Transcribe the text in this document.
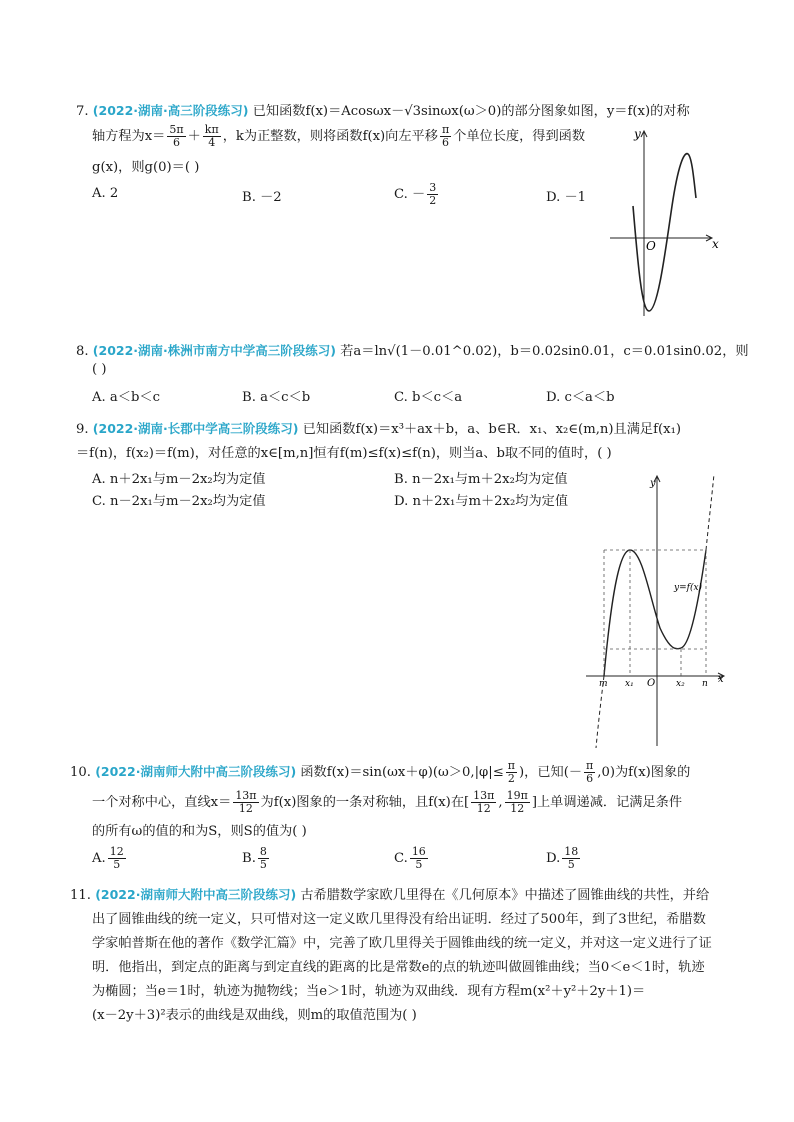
7. (2022·湖南·高三阶段练习) 已知函数f(x)＝Acosωx－√3sinωx(ω＞0)的部分图象如图，y＝f(x)的对称
轴方程为$x= \frac{5\pi}{6} + \frac{k\pi}{4}$ ，k为正整数，则将函数f(x)向左平移 $\frac{\pi}{6}$ 个单位长度，得到函数
g(x)，则g(0)＝( )
A. 2	B. －2	C. － $\frac{3}{2}$	D. －1
y
O	x
8. (2022·湖南·株洲市南方中学高三阶段练习) 若a＝ln√(1－0.01^0.02)，b＝0.02sin0.01，c＝0.01sin0.02，则
( )
A. a＜b＜c	B. a＜c＜b	C. b＜c＜a	D. c＜a＜b
9. (2022·湖南·长郡中学高三阶段练习) 已知函数f(x)＝x³＋ax＋b，a、b∈R．x₁、x₂∈(m,n)且满足f(x₁)
＝f(n)，f(x₂)＝f(m)，对任意的x∈[m,n]恒有f(m)≤f(x)≤f(n)，则当a、b取不同的值时，( )
A. n＋2x₁与m－2x₂均为定值	B. n－2x₁与m＋2x₂均为定值
C. n－2x₁与m－2x₂均为定值	D. n＋2x₁与m＋2x₂均为定值
y
y=f(x)
m x₁ O x₂ n x
10. (2022·湖南师大附中高三阶段练习) 函数$f(x)=\sin(\omega x+\varphi)(\omega>0,|\varphi|\le \frac{\pi}{2}$ )，已知(－ $\frac{\pi}{6} ,0$)为f(x)图象的
一个对称中心，直线$x= \frac{13\pi}{12}$ 为f(x)图象的一条对称轴，且f(x)在[ $\frac{13\pi}{12}$ , $\frac{19\pi}{12}$ ]上单调递减．记满足条件
的所有ω的值的和为S，则S的值为( )
A. $\frac{12}{5}$	B. $\frac{8}{5}$	C. $\frac{16}{5}$	D. $\frac{18}{5}$
11. (2022·湖南师大附中高三阶段练习) 古希腊数学家欧几里得在《几何原本》中描述了圆锥曲线的共性，并给
出了圆锥曲线的统一定义，只可惜对这一定义欧几里得没有给出证明．经过了500年，到了3世纪，希腊数
学家帕普斯在他的著作《数学汇篇》中，完善了欧几里得关于圆锥曲线的统一定义，并对这一定义进行了证
明．他指出，到定点的距离与到定直线的距离的比是常数e的点的轨迹叫做圆锥曲线；当0＜e＜1时，轨迹
为椭圆；当e＝1时，轨迹为抛物线；当e＞1时，轨迹为双曲线．现有方程m(x²＋y²＋2y＋1)＝
(x－2y＋3)²表示的曲线是双曲线，则m的取值范围为( )
